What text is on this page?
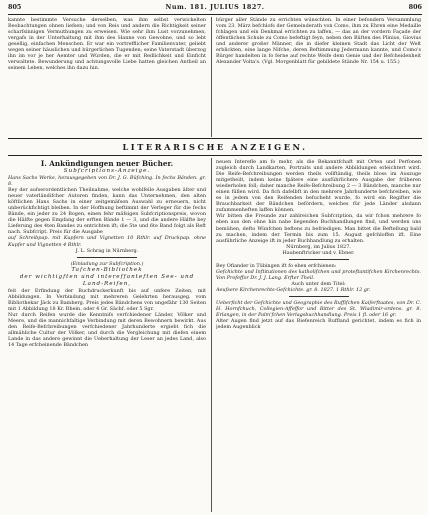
805	Num. 181. JULIUS 1827.	806

kannte bestimmte Versuche derselben, was ihm selbst verwickelten Beobachtungen ohnen liefsen; und von Reis und andern die Richtigkeit seiner scharfsinnigen Vermuthungen zu erweisen. Wie sehr ihm Lust vorzunehmen, vergafs in der Unterhaltung mit ihm des Hanne von Gewohne, und so lebt gesellig, einfachen Menschen. Er war ein vortrefflicher Familienvater, geliebt wegen seiner häuslichen und bürgerlichen Tugenden; seine Vaterstadt überzog ihn im vor je her Aemter und Würden, die er mit Redlichkeit und Einficht verwaltete. Bewunderung und achtungsvolle Liebe hatten gleichen Antheil an seinem Leben, welches ihn dazu hin.

bürger aller Stände zu errichten wünschten. In einer befondern Versammlung vom 23. März befchlofs der Gemeinderath von Como, ihm zu Ehren eine Medaille fchlagen und ein Denkmal errichten zu laffen, — das an der vordern Façade der öffentlichen Schule zu Como befeftigt feyn, neben den Büften des Plinius, Giovius und anderer großer Männer, die in diefer kleinen Stadt das Licht der Welt erblickten, eine lange Nifche, deren Beftimmung Jedermann kannte, und Como's Bürger handelten in fo ferne auf rechte Weife dem Genie und der Befcheidenheit Alexander Volta's. (Vgl. Morgenblatt für gebildete Stände Nr. 154 u. 155.)

LITERARISCHE ANZEIGEN.
I. Ankündigungen neuer Bücher.
Subfcriptions-Anzeige.

Hans Sachs Werke, herausgegeben von Dr. J. G. Büfching. In fechs Bänden. gr. 8.

Bey der aufserordentlichen Theilnahme, welche wohlfeile Ausgaben älter und neuer vaterländifcher Autoren finden, kann das Unternehmen, den alten köftlichen Hans Sachs in einer zeitgemäfsen Auswahl zu erneuern, nicht unberückfichtigt bleiben. In der Hoffnung beftimmt der Verleger für die fechs Bände, ein jeder zu 24 Bogen, einen fehr mäfsigen Subfcriptionspreis, wovon die Hälfte gegen Empfang der erften Bände 1 — 3, und die andere Hälfte bey Lieferung des 4ten Bandes zu entrichten ift; die 5te und 6te Band folgt als Reft nach. Subfcript. Preis für die Ausgabe

auf Schreibpap. mit Kupfern und Vignetten 10 Rthlr. auf Druckpap. ohne Kupfer und Vignetten 4 Rthlr.

J. L. Schrag in Nürnberg.

(Einladung zur Subfcription.)

Tafchen-Bibliothek
der wichtigften und intereffanteften See- und Land-Reifen,

feit der Erfindung der Buchdruckerkunft bis auf unfere Zeiten, mit Abbildungen. In Verbindung mit mehreren Gelehrten herausgeg. vom Bibliothekar Jäck zu Bamberg. Preis jedes Bändchens von ungefähr 130 Seiten mit 1 Abbildung 18 Kr. Rhein. oder 4 Gr. Sächf. oder 5 Sgr.

Nur durch Reifen wurde die Kenntnifs verfchiedener Länder, Völker und Meere, und die mannichfaltige Verbindung mit deren Bewohnern bewirkt. Aus den Reife-Befchreibungen verfchiedener Jahrhunderte ergiebt fich die allmähliche Cultur der Völker, und durch die Vergleichung mit diefen einem Lande in das andere gewinnt die Ueberhaltung der Leser an jedes Land, also 14 Tage erfcheinende Bändchen

neuen Interefle am fo mehr, als die Bekanntfchaft mit Orten und Perfonen zugleich durch Landkarten, Portraits und andere Abbildungen erleichtert wird. Die Reife-Befchreibungen werden theils vollftändig, theils bloss im Auszuge mitgetheilt, indem keine fpätere eine ausführlichere Ausgabe der früheren wiederholen foll; daher manche Reife-Befchreibung 2 — 3 Bändchen, manche nur einen füllen wird. Da fich dafelbft in den mehrere Jahrhunderte befchreiben, wie es in jedem von den Reifenden befucheht wurde, fo wird ein Regifter die Brauchbarkeit der Bändchen befördern, welches für jede Länder alsdann zufammenheften laffen können.

Wir bitten die Freunde zur zahlreichen Subfcription, da wir fchon mehrere fo eben aus den ohne hin nahe liegenden Buchhandlungen find, und werden uns bemühen, defto Wünfchen beftens zu befriedigen. Man bittet die Beftellung bald zu machen, indem der Termin bis zum 15. August gefchloffen ift. Eine ausführliche Anzeige ift in jeder Buchhandlung zu erhalten.

Nürnberg, im Julius 1827.

Haubenftricker und v. Ebner.

Bey Ofiander in Tübingen ift fo eben erfchienen:

Gefchichte und Inftitutionen des katholifchen und proteftantifchen Kirchenrechts. Von Profeffor Dr. J. J. Lang. Erfter Theil.

Auch unter dem Titel:

Aeufsere Kirchenrechts-Gefchichte. gr. 8. 1827. 1 Rthlr. 12 gr.

Ueberficht der Gefchichte und Geographie des Ruffifchen Kaiferftaates, von Dr. C. H. Hornfchuch, Collegien-Affeffor und Ritter des St. Wladimir-ordens. gr. 8. Erlangen, in der Palm'fchen Verlagsbuchhandlung. Preis 1 fl. oder 16 gr.

Alter Augen find jetzt auf das Riefenreich Ruffland gerichtet, indem es fich in jedem Augenblick
